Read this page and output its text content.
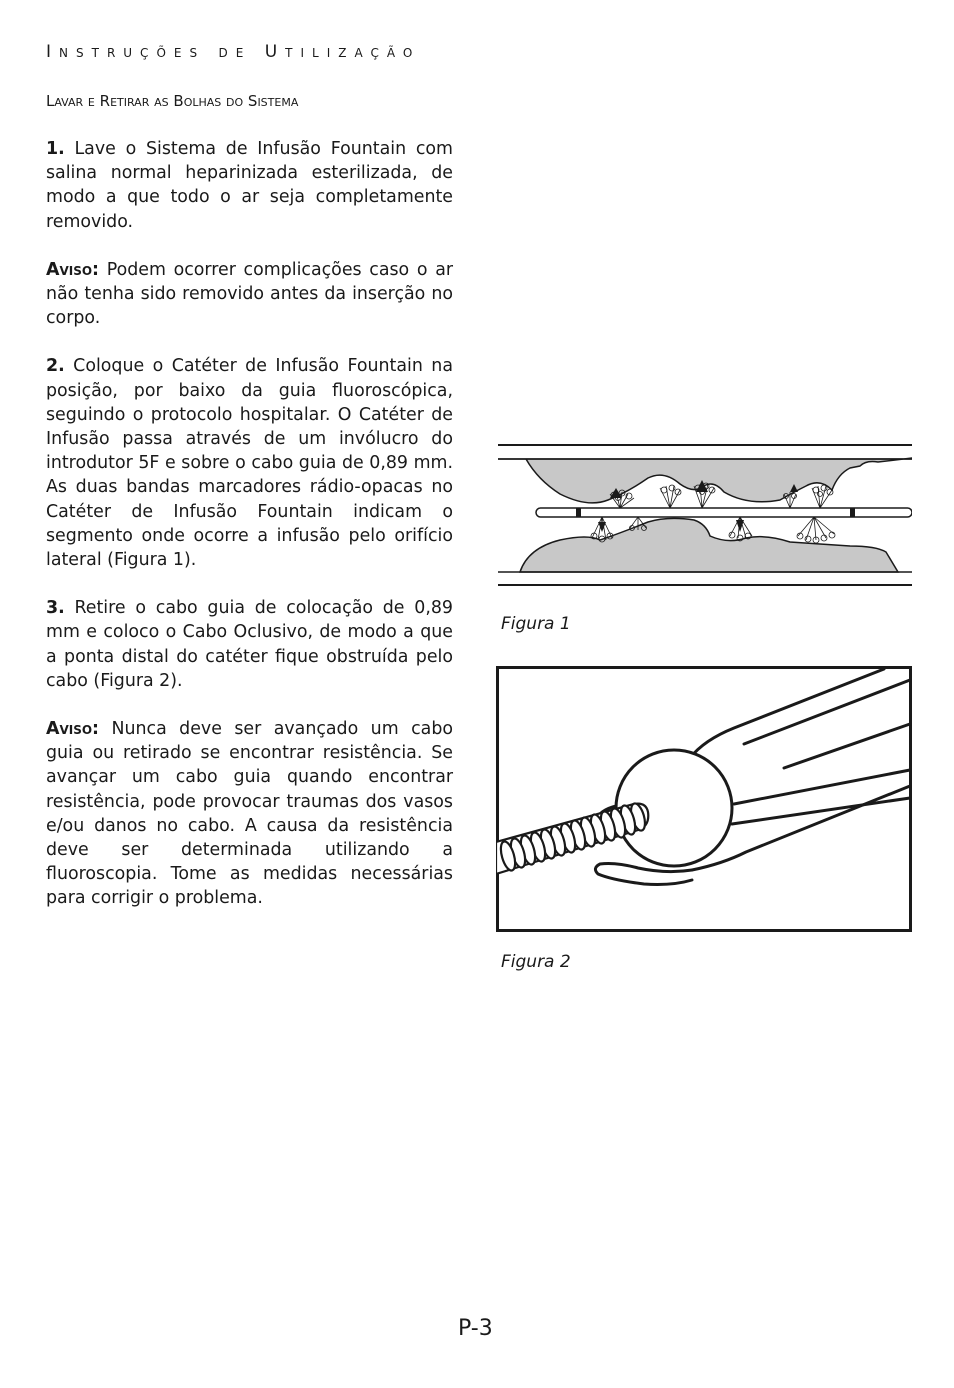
Instruções de Utilização
Lavar e Retirar as Bolhas do Sistema

1. Lave o Sistema de Infusão Fountain com salina normal heparinizada esterilizada, de modo a que todo o ar seja completamente removido.

Aviso: Podem ocorrer complicações caso o ar não tenha sido removido antes da inserção no corpo.

2. Coloque o Catéter de Infusão Fountain na posição, por baixo da guia fluoroscópica, seguindo o protocolo hospitalar. O Catéter de Infusão passa através de um invólucro do introdutor 5F e sobre o cabo guia de 0,89 mm. As duas bandas marcadores rádio-opacas no Catéter de Infusão Fountain indicam o segmento onde ocorre a infusão pelo orifício lateral (Figura 1).

3. Retire o cabo guia de colocação de 0,89 mm e coloco o Cabo Oclusivo, de modo a que a ponta distal do catéter fique obstruída pelo cabo (Figura 2).

Aviso: Nunca deve ser avançado um cabo guia ou retirado se encontrar resistência. Se avançar um cabo guia quando encontrar resistência, pode provocar traumas dos vasos e/ou danos no cabo. A causa da resistência deve ser determinada utilizando a fluoroscopia. Tome as medidas necessárias para corrigir o problema.

Figura 1
Figura 2
P-3
